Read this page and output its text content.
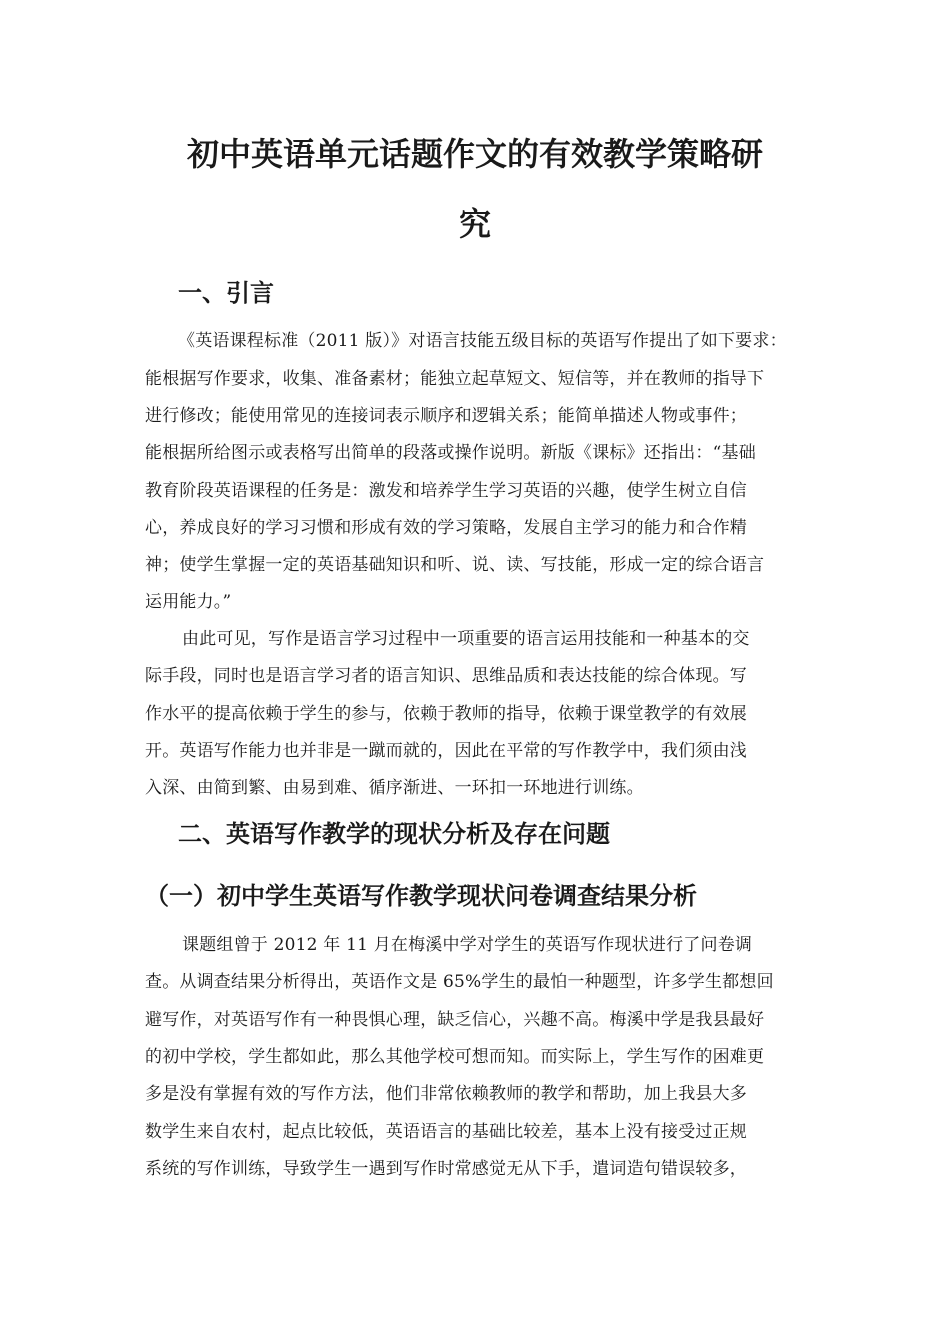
初中英语单元话题作文的有效教学策略研
究
一、引言
《英语课程标准（2011 版）》对语言技能五级目标的英语写作提出了如下要求：
能根据写作要求，收集、准备素材；能独立起草短文、短信等，并在教师的指导下
进行修改；能使用常见的连接词表示顺序和逻辑关系；能简单描述人物或事件；
能根据所给图示或表格写出简单的段落或操作说明。新版《课标》还指出：“基础
教育阶段英语课程的任务是：激发和培养学生学习英语的兴趣，使学生树立自信
心，养成良好的学习习惯和形成有效的学习策略，发展自主学习的能力和合作精
神；使学生掌握一定的英语基础知识和听、说、读、写技能，形成一定的综合语言
运用能力。”
由此可见，写作是语言学习过程中一项重要的语言运用技能和一种基本的交
际手段，同时也是语言学习者的语言知识、思维品质和表达技能的综合体现。写
作水平的提高依赖于学生的参与，依赖于教师的指导，依赖于课堂教学的有效展
开。英语写作能力也并非是一蹴而就的，因此在平常的写作教学中，我们须由浅
入深、由简到繁、由易到难、循序渐进、一环扣一环地进行训练。
二、英语写作教学的现状分析及存在问题
（一）初中学生英语写作教学现状问卷调查结果分析
课题组曾于 2012 年 11 月在梅溪中学对学生的英语写作现状进行了问卷调
查。从调查结果分析得出，英语作文是 65%学生的最怕一种题型，许多学生都想回
避写作，对英语写作有一种畏惧心理，缺乏信心，兴趣不高。梅溪中学是我县最好
的初中学校，学生都如此，那么其他学校可想而知。而实际上，学生写作的困难更
多是没有掌握有效的写作方法，他们非常依赖教师的教学和帮助，加上我县大多
数学生来自农村，起点比较低，英语语言的基础比较差，基本上没有接受过正规
系统的写作训练，导致学生一遇到写作时常感觉无从下手，遣词造句错误较多，
